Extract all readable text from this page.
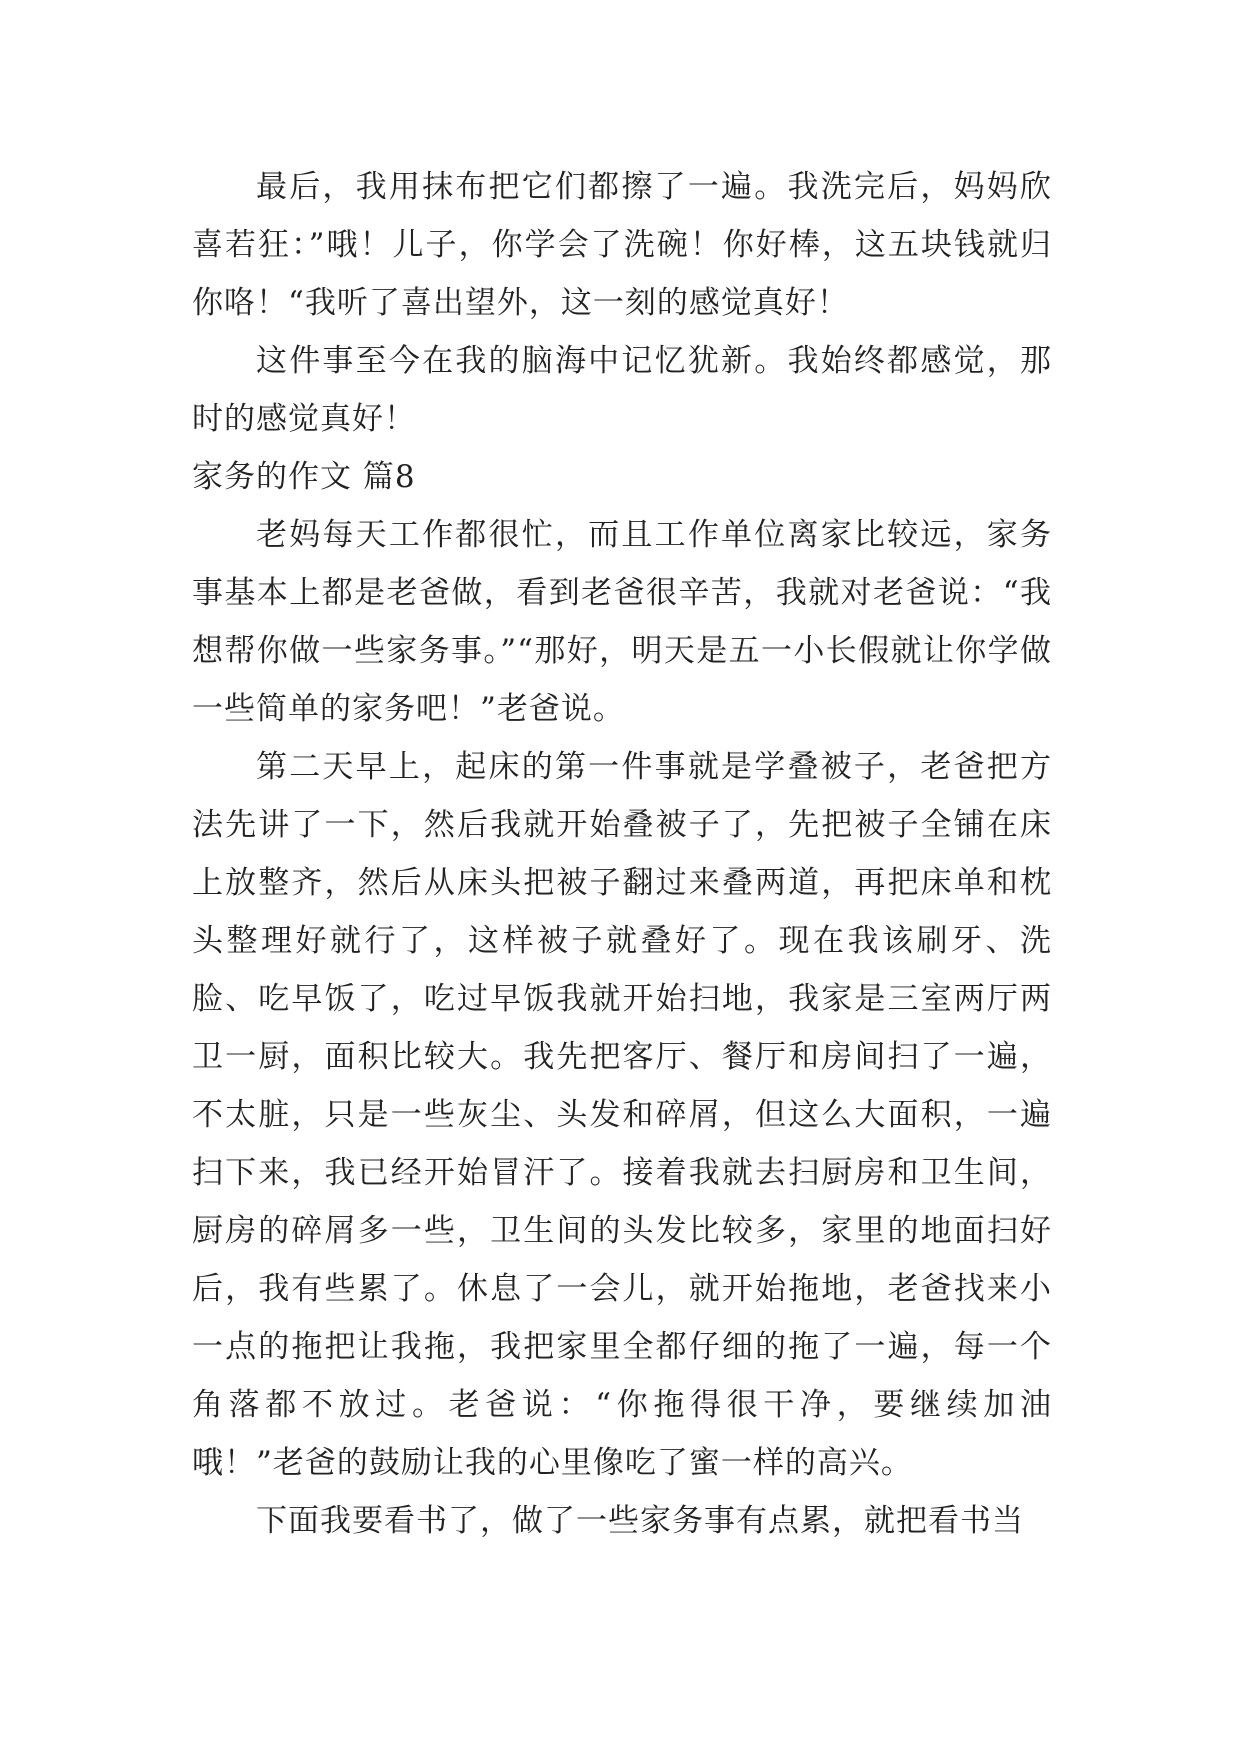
最后，我用抹布把它们都擦了一遍。我洗完后，妈妈欣喜若狂：”哦！儿子，你学会了洗碗！你好棒，这五块钱就归你咯！“我听了喜出望外，这一刻的感觉真好！

这件事至今在我的脑海中记忆犹新。我始终都感觉，那时的感觉真好！

家务的作文 篇8

老妈每天工作都很忙，而且工作单位离家比较远，家务事基本上都是老爸做，看到老爸很辛苦，我就对老爸说：“我想帮你做一些家务事。”“那好，明天是五一小长假就让你学做一些简单的家务吧！”老爸说。

第二天早上，起床的第一件事就是学叠被子，老爸把方法先讲了一下，然后我就开始叠被子了，先把被子全铺在床上放整齐，然后从床头把被子翻过来叠两道，再把床单和枕头整理好就行了，这样被子就叠好了。现在我该刷牙、洗脸、吃早饭了，吃过早饭我就开始扫地，我家是三室两厅两卫一厨，面积比较大。我先把客厅、餐厅和房间扫了一遍，不太脏，只是一些灰尘、头发和碎屑，但这么大面积，一遍扫下来，我已经开始冒汗了。接着我就去扫厨房和卫生间，厨房的碎屑多一些，卫生间的头发比较多，家里的地面扫好后，我有些累了。休息了一会儿，就开始拖地，老爸找来小一点的拖把让我拖，我把家里全都仔细的拖了一遍，每一个角落都不放过。老爸说：“你拖得很干净，要继续加油哦！”老爸的鼓励让我的心里像吃了蜜一样的高兴。

下面我要看书了，做了一些家务事有点累，就把看书当
